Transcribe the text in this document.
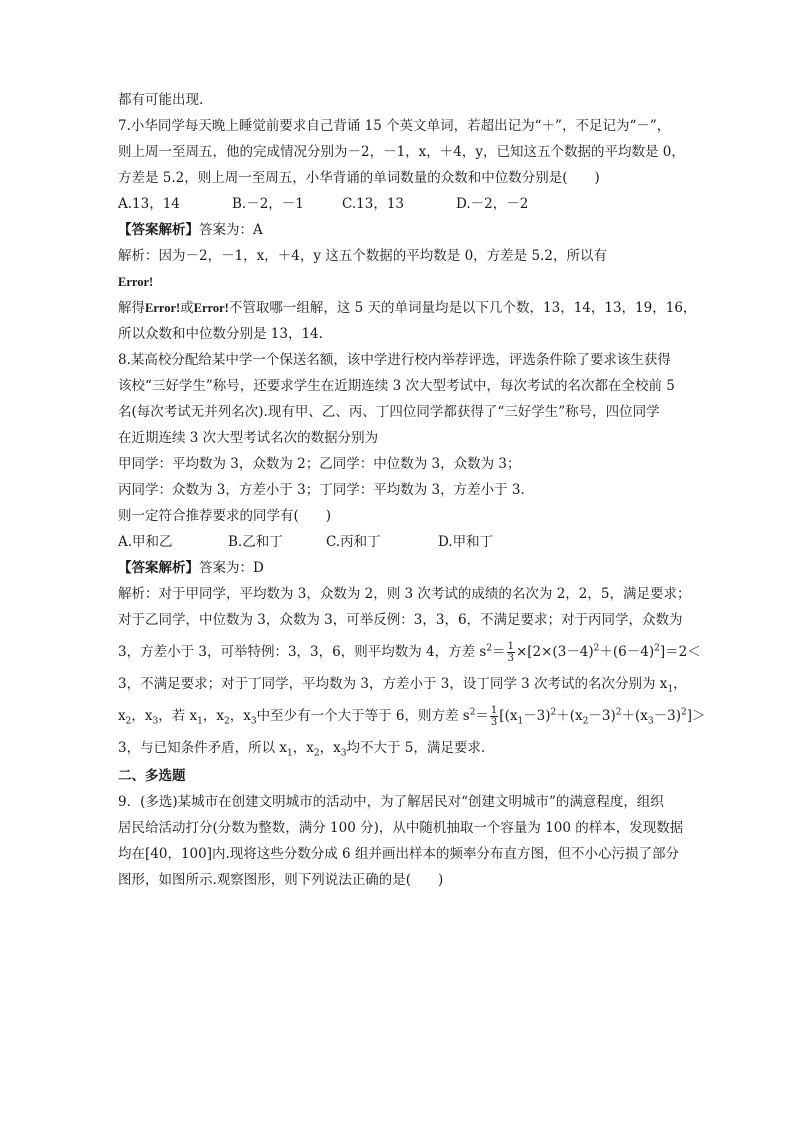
都有可能出现.
7.小华同学每天晚上睡觉前要求自己背诵 15 个英文单词，若超出记为“＋”，不足记为“－”，
则上周一至周五，他的完成情况分别为－2，－1，x，＋4，y，已知这五个数据的平均数是 0，
方差是 5.2，则上周一至周五，小华背诵的单词数量的众数和中位数分别是(　　)
A.13，14	B.－2，－1	C.13，13	D.－2，－2
【答案解析】答案为：A
解析：因为－2，－1，x，＋4，y 这五个数据的平均数是 0，方差是 5.2，所以有
Error!
解得Error!或Error!不管取哪一组解，这 5 天的单词量均是以下几个数，13，14，13，19，16，
所以众数和中位数分别是 13，14.
8.某高校分配给某中学一个保送名额，该中学进行校内举荐评选，评选条件除了要求该生获得
该校“三好学生”称号，还要求学生在近期连续 3 次大型考试中，每次考试的名次都在全校前 5
名(每次考试无并列名次).现有甲、乙、丙、丁四位同学都获得了“三好学生”称号，四位同学
在近期连续 3 次大型考试名次的数据分别为
甲同学：平均数为 3，众数为 2；乙同学：中位数为 3，众数为 3；
丙同学：众数为 3，方差小于 3；丁同学：平均数为 3，方差小于 3.
则一定符合推荐要求的同学有(　　)
A.甲和乙	B.乙和丁	C.丙和丁	D.甲和丁
【答案解析】答案为：D
解析：对于甲同学，平均数为 3，众数为 2，则 3 次考试的成绩的名次为 2，2，5，满足要求；
对于乙同学，中位数为 3，众数为 3，可举反例：3，3，6，不满足要求；对于丙同学，众数为
3，方差小于 3，可举特例：3，3，6，则平均数为 4，方差 $s^2= \frac{1}{3} \times[2\times(3-4)^2+(6-4)^2]=2<$
3，不满足要求；对于丁同学，平均数为 3，方差小于 3，设丁同学 3 次考试的名次分别为 $x_1$，
$x_2$，$x_3$，若 $x_1$，$x_2$，$x_3$中至少有一个大于等于 6，则方差 $s^2= \frac{1}{3} [(x_1-3)^2+(x_2-3)^2+(x_3-3)^2]>$
3，与已知条件矛盾，所以 $x_1$，$x_2$，$x_3$均不大于 5，满足要求.
二、多选题
9．(多选)某城市在创建文明城市的活动中，为了解居民对“创建文明城市”的满意程度，组织
居民给活动打分(分数为整数，满分 100 分)，从中随机抽取一个容量为 100 的样本，发现数据
均在[40，100]内.现将这些分数分成 6 组并画出样本的频率分布直方图，但不小心污损了部分
图形，如图所示.观察图形，则下列说法正确的是(　　)
